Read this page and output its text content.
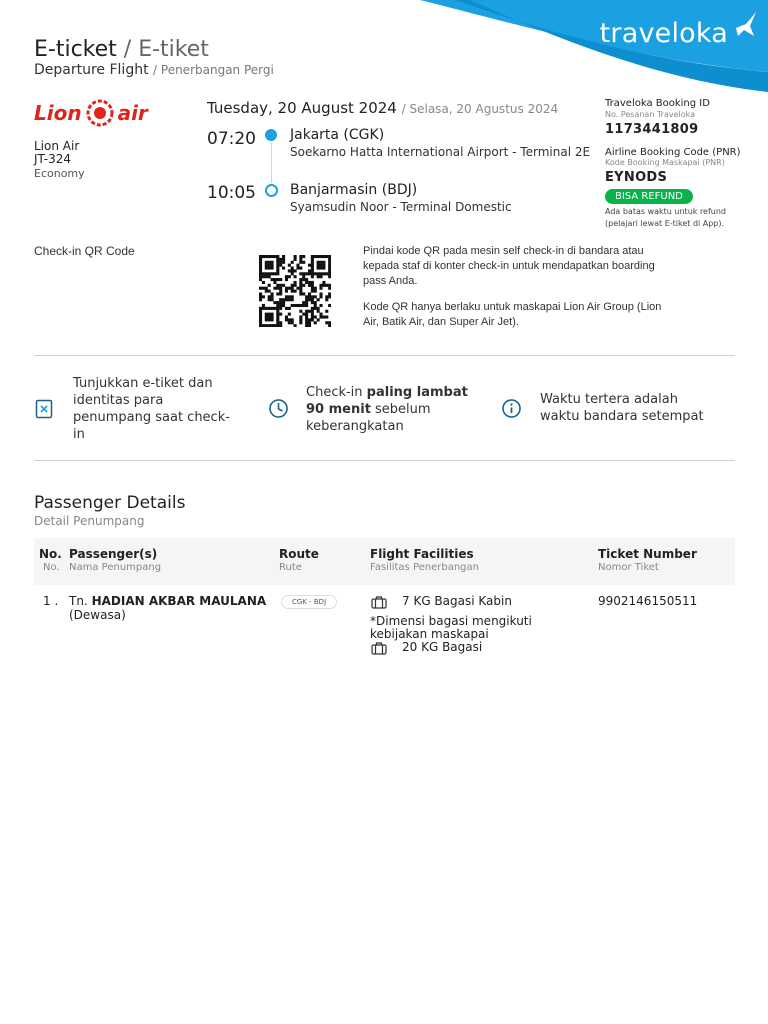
traveloka
E-ticket / E-tiket
Departure Flight / Penerbangan Pergi
Lion air
Lion Air
JT-324
Economy
Tuesday, 20 August 2024 / Selasa, 20 Agustus 2024
07:20 Jakarta (CGK)
Soekarno Hatta International Airport - Terminal 2E
10:05 Banjarmasin (BDJ)
Syamsudin Noor - Terminal Domestic
Traveloka Booking ID
No. Pesanan Traveloka
1173441809
Airline Booking Code (PNR)
Kode Booking Maskapai (PNR)
EYNODS
BISA REFUND
Ada batas waktu untuk refund
(pelajari lewat E-tiket di App).
Check-in QR Code	Pindai kode QR pada mesin self check-in di bandara atau kepada staf di konter check-in untuk mendapatkan boarding pass Anda.
Kode QR hanya berlaku untuk maskapai Lion Air Group (Lion Air, Batik Air, dan Super Air Jet).
Tunjukkan e-tiket dan identitas para penumpang saat check-in
Check-in paling lambat 90 menit sebelum keberangkatan
Waktu tertera adalah waktu bandara setempat
Passenger Details
Detail Penumpang
No.
No.
Passenger(s)
Nama Penumpang
Route
Rute
Flight Facilities
Fasilitas Penerbangan
Ticket Number
Nomor Tiket
1 . Tn. HADIAN AKBAR MAULANA
(Dewasa)
CGK - BDJ	7 KG Bagasi Kabin
*Dimensi bagasi mengikuti kebijakan maskapai
20 KG Bagasi
9902146150511
